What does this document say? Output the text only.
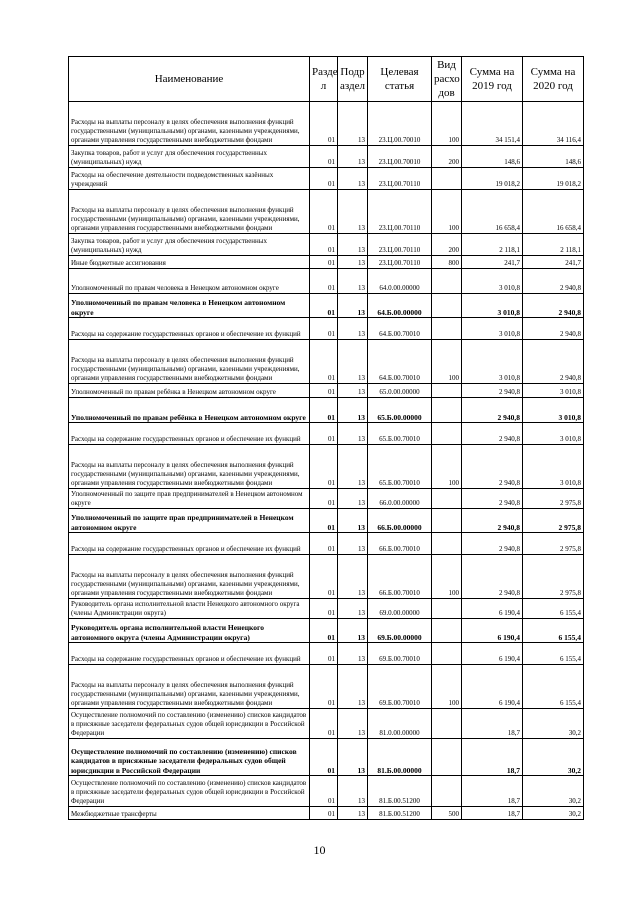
Наименование	Разде л	Подр аздел	Целевая статья	Вид расхо дов	Сумма на 2019 год	Сумма на 2020 год
Расходы на выплаты персоналу в целях обеспечения выполнения функций государственными (муниципальными) органами, казенными учреждениями, органами управления государственными внебюджетными фондами	01	13	23.Ц.00.70010	100	34 151,4	34 116,4
Закупка товаров, работ и услуг для обеспечения государственных (муниципальных) нужд	01	13	23.Ц.00.70010	200	148,6	148,6
Расходы на обеспечение деятельности подведомственных казённых учреждений	01	13	23.Ц.00.70110		19 018,2	19 018,2
Расходы на выплаты персоналу в целях обеспечения выполнения функций государственными (муниципальными) органами, казенными учреждениями, органами управления государственными внебюджетными фондами	01	13	23.Ц.00.70110	100	16 658,4	16 658,4
Закупка товаров, работ и услуг для обеспечения государственных (муниципальных) нужд	01	13	23.Ц.00.70110	200	2 118,1	2 118,1
Иные бюджетные ассигнования	01	13	23.Ц.00.70110	800	241,7	241,7
Уполномоченный по правам человека в Ненецком автономном округе	01	13	64.0.00.00000		3 010,8	2 940,8
Уполномоченный по правам человека в Ненецком автономном округе	01	13	64.Б.00.00000		3 010,8	2 940,8
Расходы на содержание государственных органов и обеспечение их функций	01	13	64.Б.00.70010		3 010,8	2 940,8
Расходы на выплаты персоналу в целях обеспечения выполнения функций государственными (муниципальными) органами, казенными учреждениями, органами управления государственными внебюджетными фондами	01	13	64.Б.00.70010	100	3 010,8	2 940,8
Уполномоченный по правам ребёнка в Ненецком автономном округе	01	13	65.0.00.00000		2 940,8	3 010,8
Уполномоченный по правам ребёнка в Ненецком автономном округе	01	13	65.Б.00.00000		2 940,8	3 010,8
Расходы на содержание государственных органов и обеспечение их функций	01	13	65.Б.00.70010		2 940,8	3 010,8
Расходы на выплаты персоналу в целях обеспечения выполнения функций государственными (муниципальными) органами, казенными учреждениями, органами управления государственными внебюджетными фондами	01	13	65.Б.00.70010	100	2 940,8	3 010,8
Уполномоченный по защите прав предпринимателей в Ненецком автономном округе	01	13	66.0.00.00000		2 940,8	2 975,8
Уполномоченный по защите прав предпринимателей в Ненецком автономном округе	01	13	66.Б.00.00000		2 940,8	2 975,8
Расходы на содержание государственных органов и обеспечение их функций	01	13	66.Б.00.70010		2 940,8	2 975,8
Расходы на выплаты персоналу в целях обеспечения выполнения функций государственными (муниципальными) органами, казенными учреждениями, органами управления государственными внебюджетными фондами	01	13	66.Б.00.70010	100	2 940,8	2 975,8
Руководитель органа исполнительной власти Ненецкого автономного округа (члены Администрации округа)	01	13	69.0.00.00000		6 190,4	6 155,4
Руководитель органа исполнительной власти Ненецкого автономного округа (члены Администрации округа)	01	13	69.Б.00.00000		6 190,4	6 155,4
Расходы на содержание государственных органов и обеспечение их функций	01	13	69.Б.00.70010		6 190,4	6 155,4
Расходы на выплаты персоналу в целях обеспечения выполнения функций государственными (муниципальными) органами, казенными учреждениями, органами управления государственными внебюджетными фондами	01	13	69.Б.00.70010	100	6 190,4	6 155,4
Осуществление полномочий по составлению (изменению) списков кандидатов в присяжные заседатели федеральных судов общей юрисдикции в Российской Федерации	01	13	81.0.00.00000		18,7	30,2
Осуществление полномочий по составлению (изменению) списков кандидатов в присяжные заседатели федеральных судов общей юрисдикции в Российской Федерации	01	13	81.Б.00.00000		18,7	30,2
Осуществление полномочий по составлению (изменению) списков кандидатов в присяжные заседатели федеральных судов общей юрисдикции в Российской Федерации	01	13	81.Б.00.51200		18,7	30,2
Межбюджетные трансферты	01	13	81.Б.00.51200	500	18,7	30,2
10
